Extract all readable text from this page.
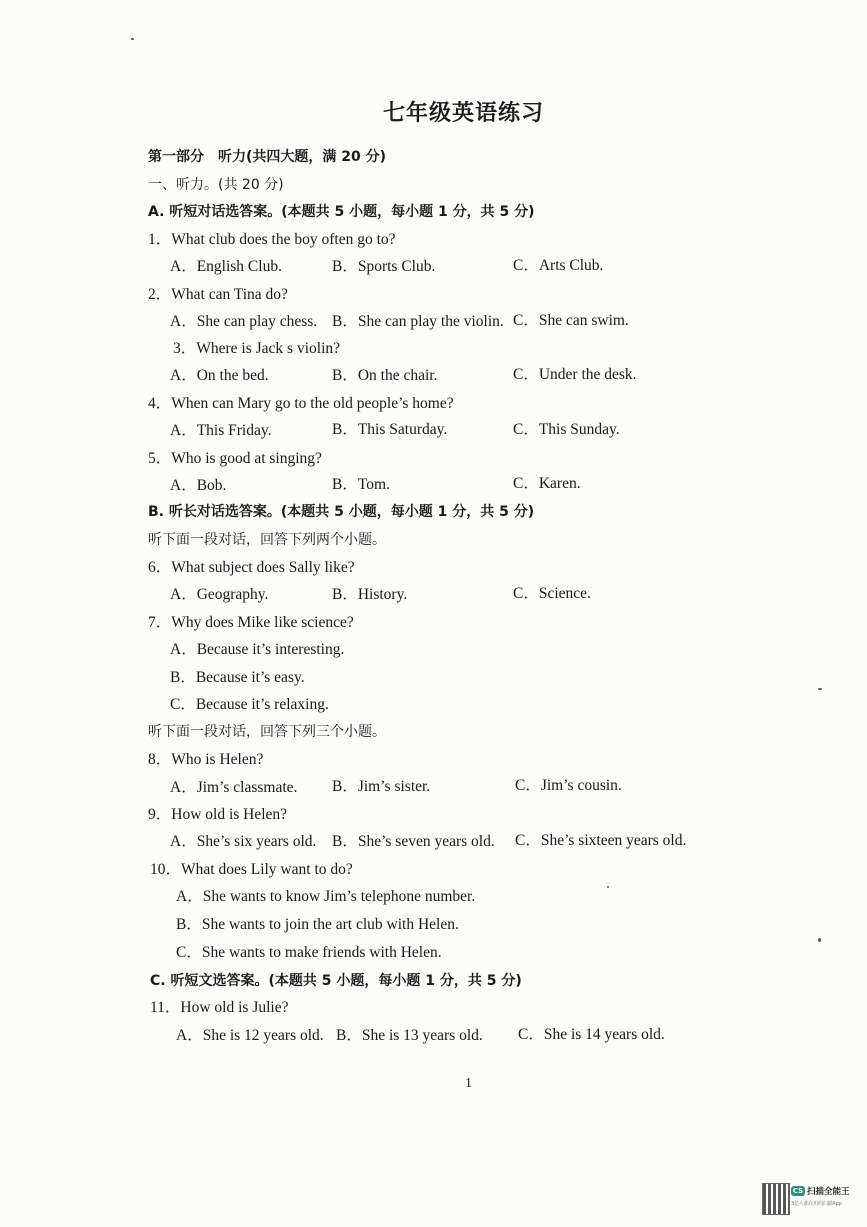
七年级英语练习
第一部分　听力(共四大题，满 20 分)
一、听力。(共 20 分)
A. 听短对话选答案。(本题共 5 小题，每小题 1 分，共 5 分)
1．What club does the boy often go to?
A．English Club.	B．Sports Club.	C．Arts Club.
2．What can Tina do?
A．She can play chess. B．She can play the violin. C．She can swim.
3．Where is Jack s violin?
A．On the bed.	B．On the chair.	C．Under the desk.
4．When can Mary go to the old people’s home?
A．This Friday.	B．This Saturday.	C．This Sunday.
5．Who is good at singing?
A．Bob.	B．Tom.	C．Karen.
B. 听长对话选答案。(本题共 5 小题，每小题 1 分，共 5 分)
听下面一段对话，回答下列两个小题。
6．What subject does Sally like?
A．Geography.	B．History.	C．Science.
7．Why does Mike like science?
A．Because it’s interesting.
B．Because it’s easy.
C．Because it’s relaxing.
听下面一段对话，回答下列三个小题。
8．Who is Helen?
A．Jim’s classmate. B．Jim’s sister.	C．Jim’s cousin.
9．How old is Helen?
A．She’s six years old. B．She’s seven years old. C．She’s sixteen years old.
10．What does Lily want to do?
A．She wants to know Jim’s telephone number.
B．She wants to join the art club with Helen.
C．She wants to make friends with Helen.
C. 听短文选答案。(本题共 5 小题，每小题 1 分，共 5 分)
11．How old is Julie?
A．She is 12 years old. B．She is 13 years old. C．She is 14 years old.
1
CS 扫描全能王
3亿人都在用的扫描App
